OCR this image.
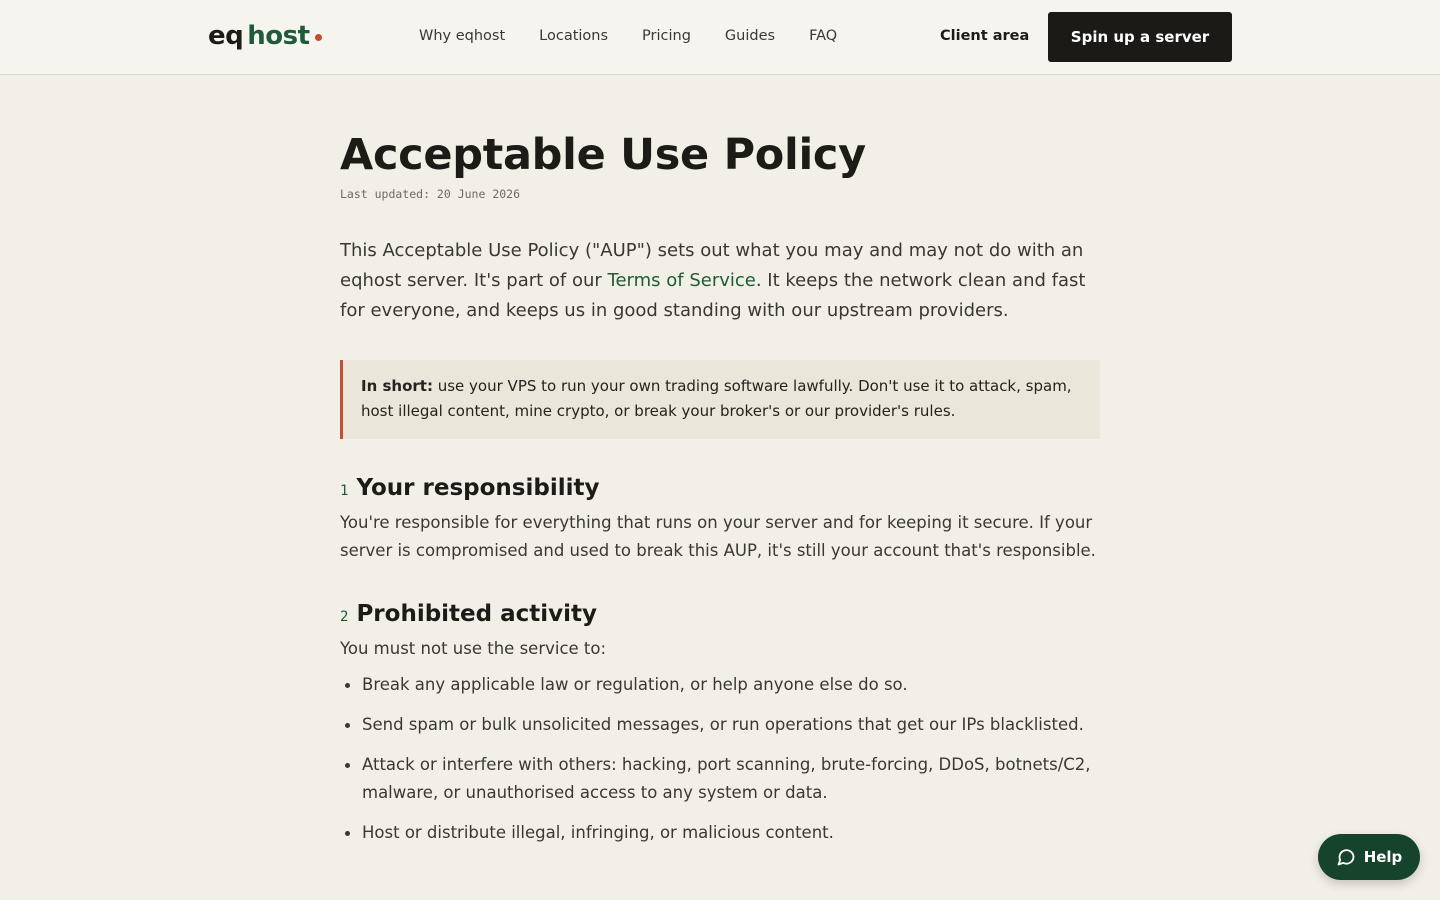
eq host	Why eqhost Locations Pricing Guides FAQ	Client area	Spin up a server
Acceptable Use Policy
Last updated: 20 June 2026

This Acceptable Use Policy ("AUP") sets out what you may and may not do with an eqhost server. It's part of our Terms of Service. It keeps the network clean and fast for everyone, and keeps us in good standing with our upstream providers.

In short: use your VPS to run your own trading software lawfully. Don't use it to attack, spam, host illegal content, mine crypto, or break your broker's or our provider's rules.
1 Your responsibility

You're responsible for everything that runs on your server and for keeping it secure. If your server is compromised and used to break this AUP, it's still your account that's responsible.

2 Prohibited activity

You must not use the service to:

Break any applicable law or regulation, or help anyone else do so.
Send spam or bulk unsolicited messages, or run operations that get our IPs blacklisted.
Attack or interfere with others: hacking, port scanning, brute-forcing, DDoS, botnets/C2, malware, or unauthorised access to any system or data.
Host or distribute illegal, infringing, or malicious content.
Help
